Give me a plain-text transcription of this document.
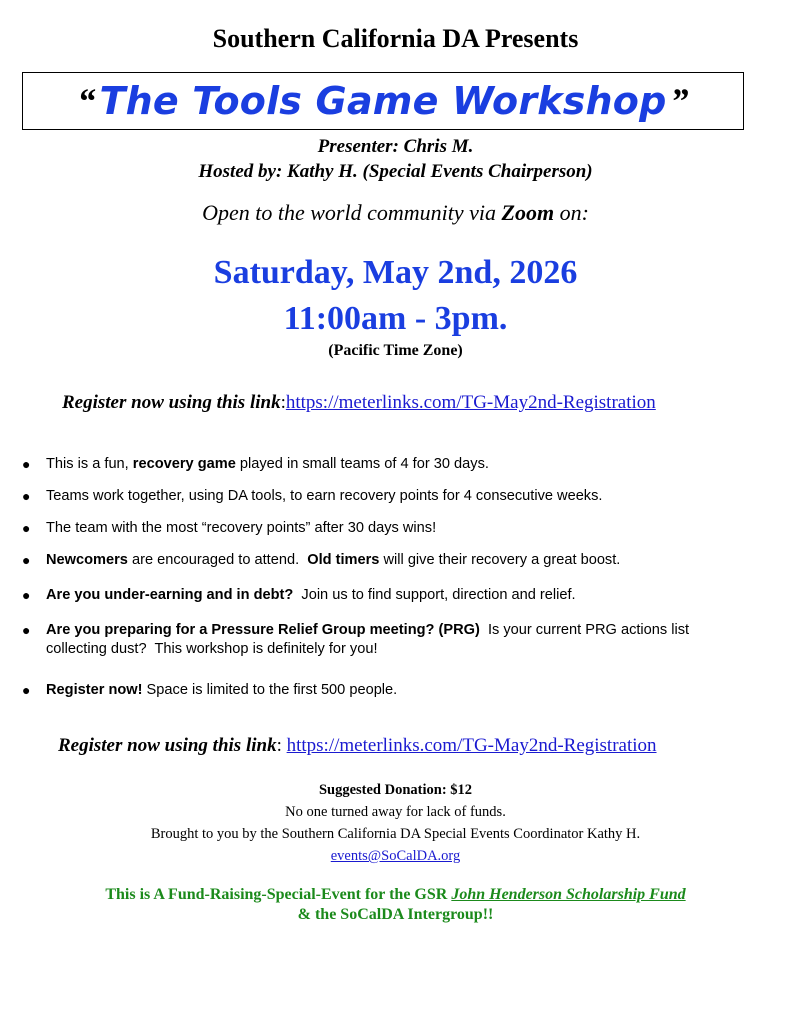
Southern California DA Presents
“ The Tools Game Workshop ”
Presenter: Chris M.
Hosted by: Kathy H. (Special Events Chairperson)
Open to the world community via Zoom on:
Saturday, May 2nd, 2026
11:00am - 3pm.
(Pacific Time Zone)
Register now using this link:https://meterlinks.com/TG-May2nd-Registration
● This is a fun, recovery game played in small teams of 4 for 30 days.
● Teams work together, using DA tools, to earn recovery points for 4 consecutive weeks.
● The team with the most “recovery points” after 30 days wins!
● Newcomers are encouraged to attend.  Old timers will give their recovery a great boost.
● Are you under-earning and in debt?  Join us to find support, direction and relief.
● Are you preparing for a Pressure Relief Group meeting? (PRG)  Is your current PRG actions list collecting dust?  This workshop is definitely for you!
● Register now! Space is limited to the first 500 people.
Register now using this link: https://meterlinks.com/TG-May2nd-Registration
Suggested Donation: $12
No one turned away for lack of funds.
Brought to you by the Southern California DA Special Events Coordinator Kathy H.
events@SoCalDA.org
This is A Fund-Raising-Special-Event for the GSR John Henderson Scholarship Fund
& the SoCalDA Intergroup!!
